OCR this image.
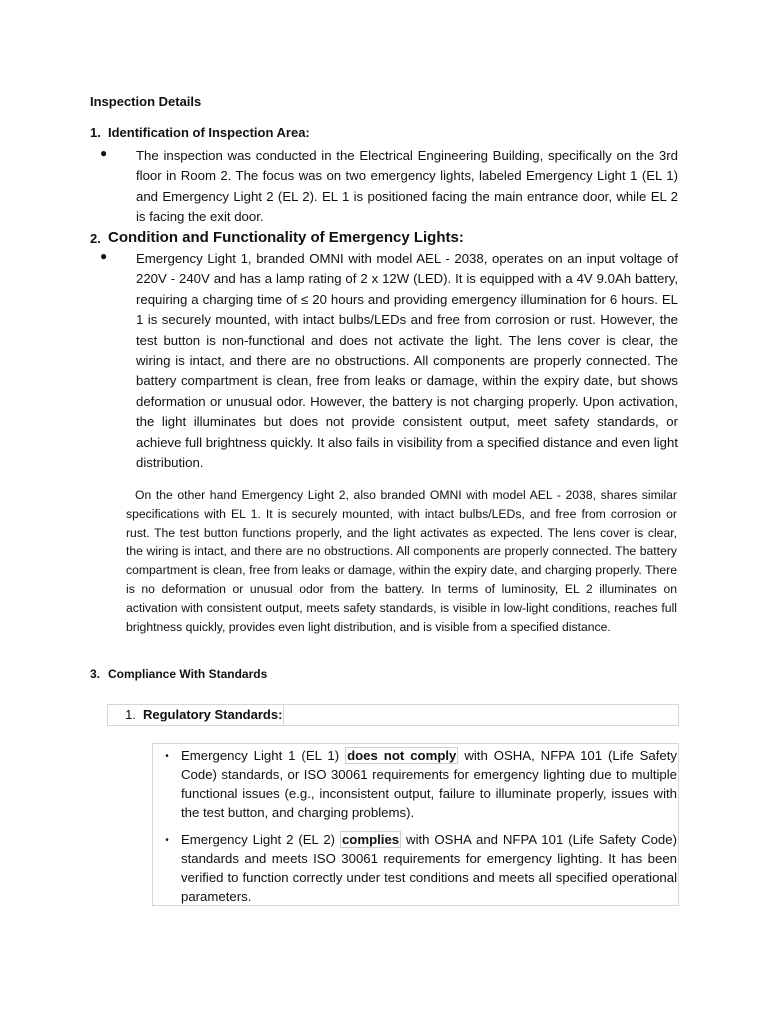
Inspection Details
1. Identification of Inspection Area:
●	The inspection was conducted in the Electrical Engineering Building, specifically on the 3rd floor in Room 2. The focus was on two emergency lights, labeled Emergency Light 1 (EL 1) and Emergency Light 2 (EL 2). EL 1 is positioned facing the main entrance door, while EL 2 is facing the exit door.
2. Condition and Functionality of Emergency Lights:
●	Emergency Light 1, branded OMNI with model AEL - 2038, operates on an input voltage of 220V - 240V and has a lamp rating of 2 x 12W (LED). It is equipped with a 4V 9.0Ah battery, requiring a charging time of ≤ 20 hours and providing emergency illumination for 6 hours. EL 1 is securely mounted, with intact bulbs/LEDs and free from corrosion or rust. However, the test button is non-functional and does not activate the light. The lens cover is clear, the wiring is intact, and there are no obstructions. All components are properly connected. The battery compartment is clean, free from leaks or damage, within the expiry date, but shows deformation or unusual odor. However, the battery is not charging properly. Upon activation, the light illuminates but does not provide consistent output, meet safety standards, or achieve full brightness quickly. It also fails in visibility from a specified distance and even light distribution.
On the other hand Emergency Light 2, also branded OMNI with model AEL - 2038, shares similar specifications with EL 1. It is securely mounted, with intact bulbs/LEDs, and free from corrosion or rust. The test button functions properly, and the light activates as expected. The lens cover is clear, the wiring is intact, and there are no obstructions. All components are properly connected. The battery compartment is clean, free from leaks or damage, within the expiry date, and charging properly. There is no deformation or unusual odor from the battery. In terms of luminosity, EL 2 illuminates on activation with consistent output, meets safety standards, is visible in low-light conditions, reaches full brightness quickly, provides even light distribution, and is visible from a specified distance.
3. Compliance With Standards
1. Regulatory Standards:
• Emergency Light 1 (EL 1) does not comply with OSHA, NFPA 101 (Life Safety Code) standards, or ISO 30061 requirements for emergency lighting due to multiple functional issues (e.g., inconsistent output, failure to illuminate properly, issues with the test button, and charging problems).
• Emergency Light 2 (EL 2) complies with OSHA and NFPA 101 (Life Safety Code) standards and meets ISO 30061 requirements for emergency lighting. It has been verified to function correctly under test conditions and meets all specified operational parameters.
